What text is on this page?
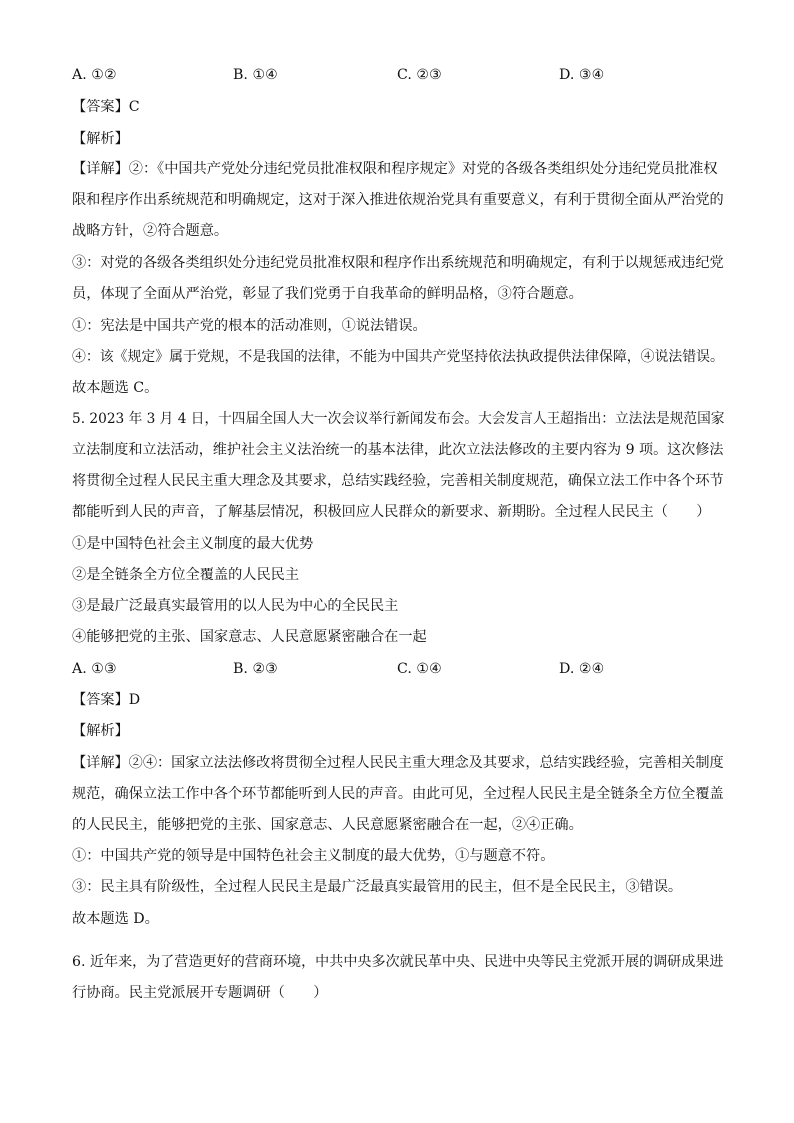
A. ①②	B. ①④	C. ②③	D. ③④
【答案】C
【解析】
【详解】②：《中国共产党处分违纪党员批准权限和程序规定》对党的各级各类组织处分违纪党员批准权
限和程序作出系统规范和明确规定，这对于深入推进依规治党具有重要意义，有利于贯彻全面从严治党的
战略方针，②符合题意。
③：对党的各级各类组织处分违纪党员批准权限和程序作出系统规范和明确规定，有利于以规惩戒违纪党
员，体现了全面从严治党，彰显了我们党勇于自我革命的鲜明品格，③符合题意。
①：宪法是中国共产党的根本的活动准则，①说法错误。
④：该《规定》属于党规，不是我国的法律，不能为中国共产党坚持依法执政提供法律保障，④说法错误。
故本题选 C。
5. 2023 年 3 月 4 日，十四届全国人大一次会议举行新闻发布会。大会发言人王超指出：立法法是规范国家
立法制度和立法活动，维护社会主义法治统一的基本法律，此次立法法修改的主要内容为 9 项。这次修法
将贯彻全过程人民民主重大理念及其要求，总结实践经验，完善相关制度规范，确保立法工作中各个环节
都能听到人民的声音，了解基层情况，积极回应人民群众的新要求、新期盼。全过程人民民主（　　）
①是中国特色社会主义制度的最大优势
②是全链条全方位全覆盖的人民民主
③是最广泛最真实最管用的以人民为中心的全民民主
④能够把党的主张、国家意志、人民意愿紧密融合在一起
A. ①③	B. ②③	C. ①④	D. ②④
【答案】D
【解析】
【详解】②④：国家立法法修改将贯彻全过程人民民主重大理念及其要求，总结实践经验，完善相关制度
规范，确保立法工作中各个环节都能听到人民的声音。由此可见，全过程人民民主是全链条全方位全覆盖
的人民民主，能够把党的主张、国家意志、人民意愿紧密融合在一起，②④正确。
①：中国共产党的领导是中国特色社会主义制度的最大优势，①与题意不符。
③：民主具有阶级性，全过程人民民主是最广泛最真实最管用的民主，但不是全民民主，③错误。
故本题选 D。
6. 近年来，为了营造更好的营商环境，中共中央多次就民革中央、民进中央等民主党派开展的调研成果进
行协商。民主党派展开专题调研（　　）
